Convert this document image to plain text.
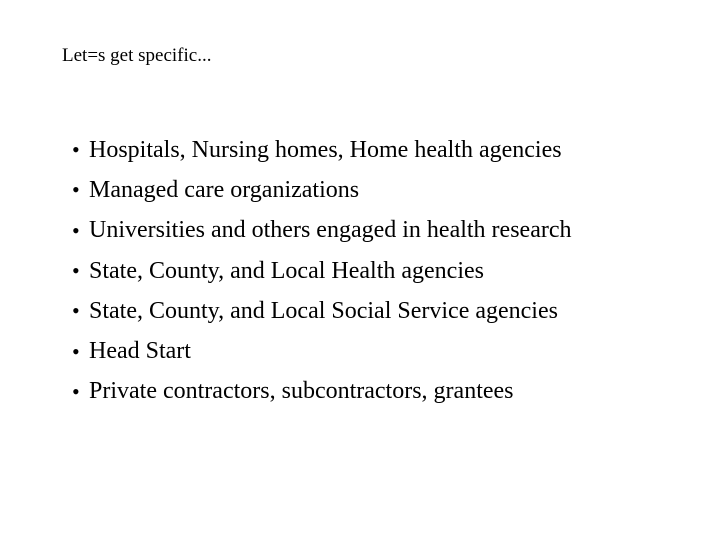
Let=s get specific...
• Hospitals, Nursing homes, Home health agencies
• Managed care organizations
• Universities and others engaged in health research
• State, County, and Local Health agencies
• State, County, and Local Social Service agencies
• Head Start
• Private contractors, subcontractors, grantees
